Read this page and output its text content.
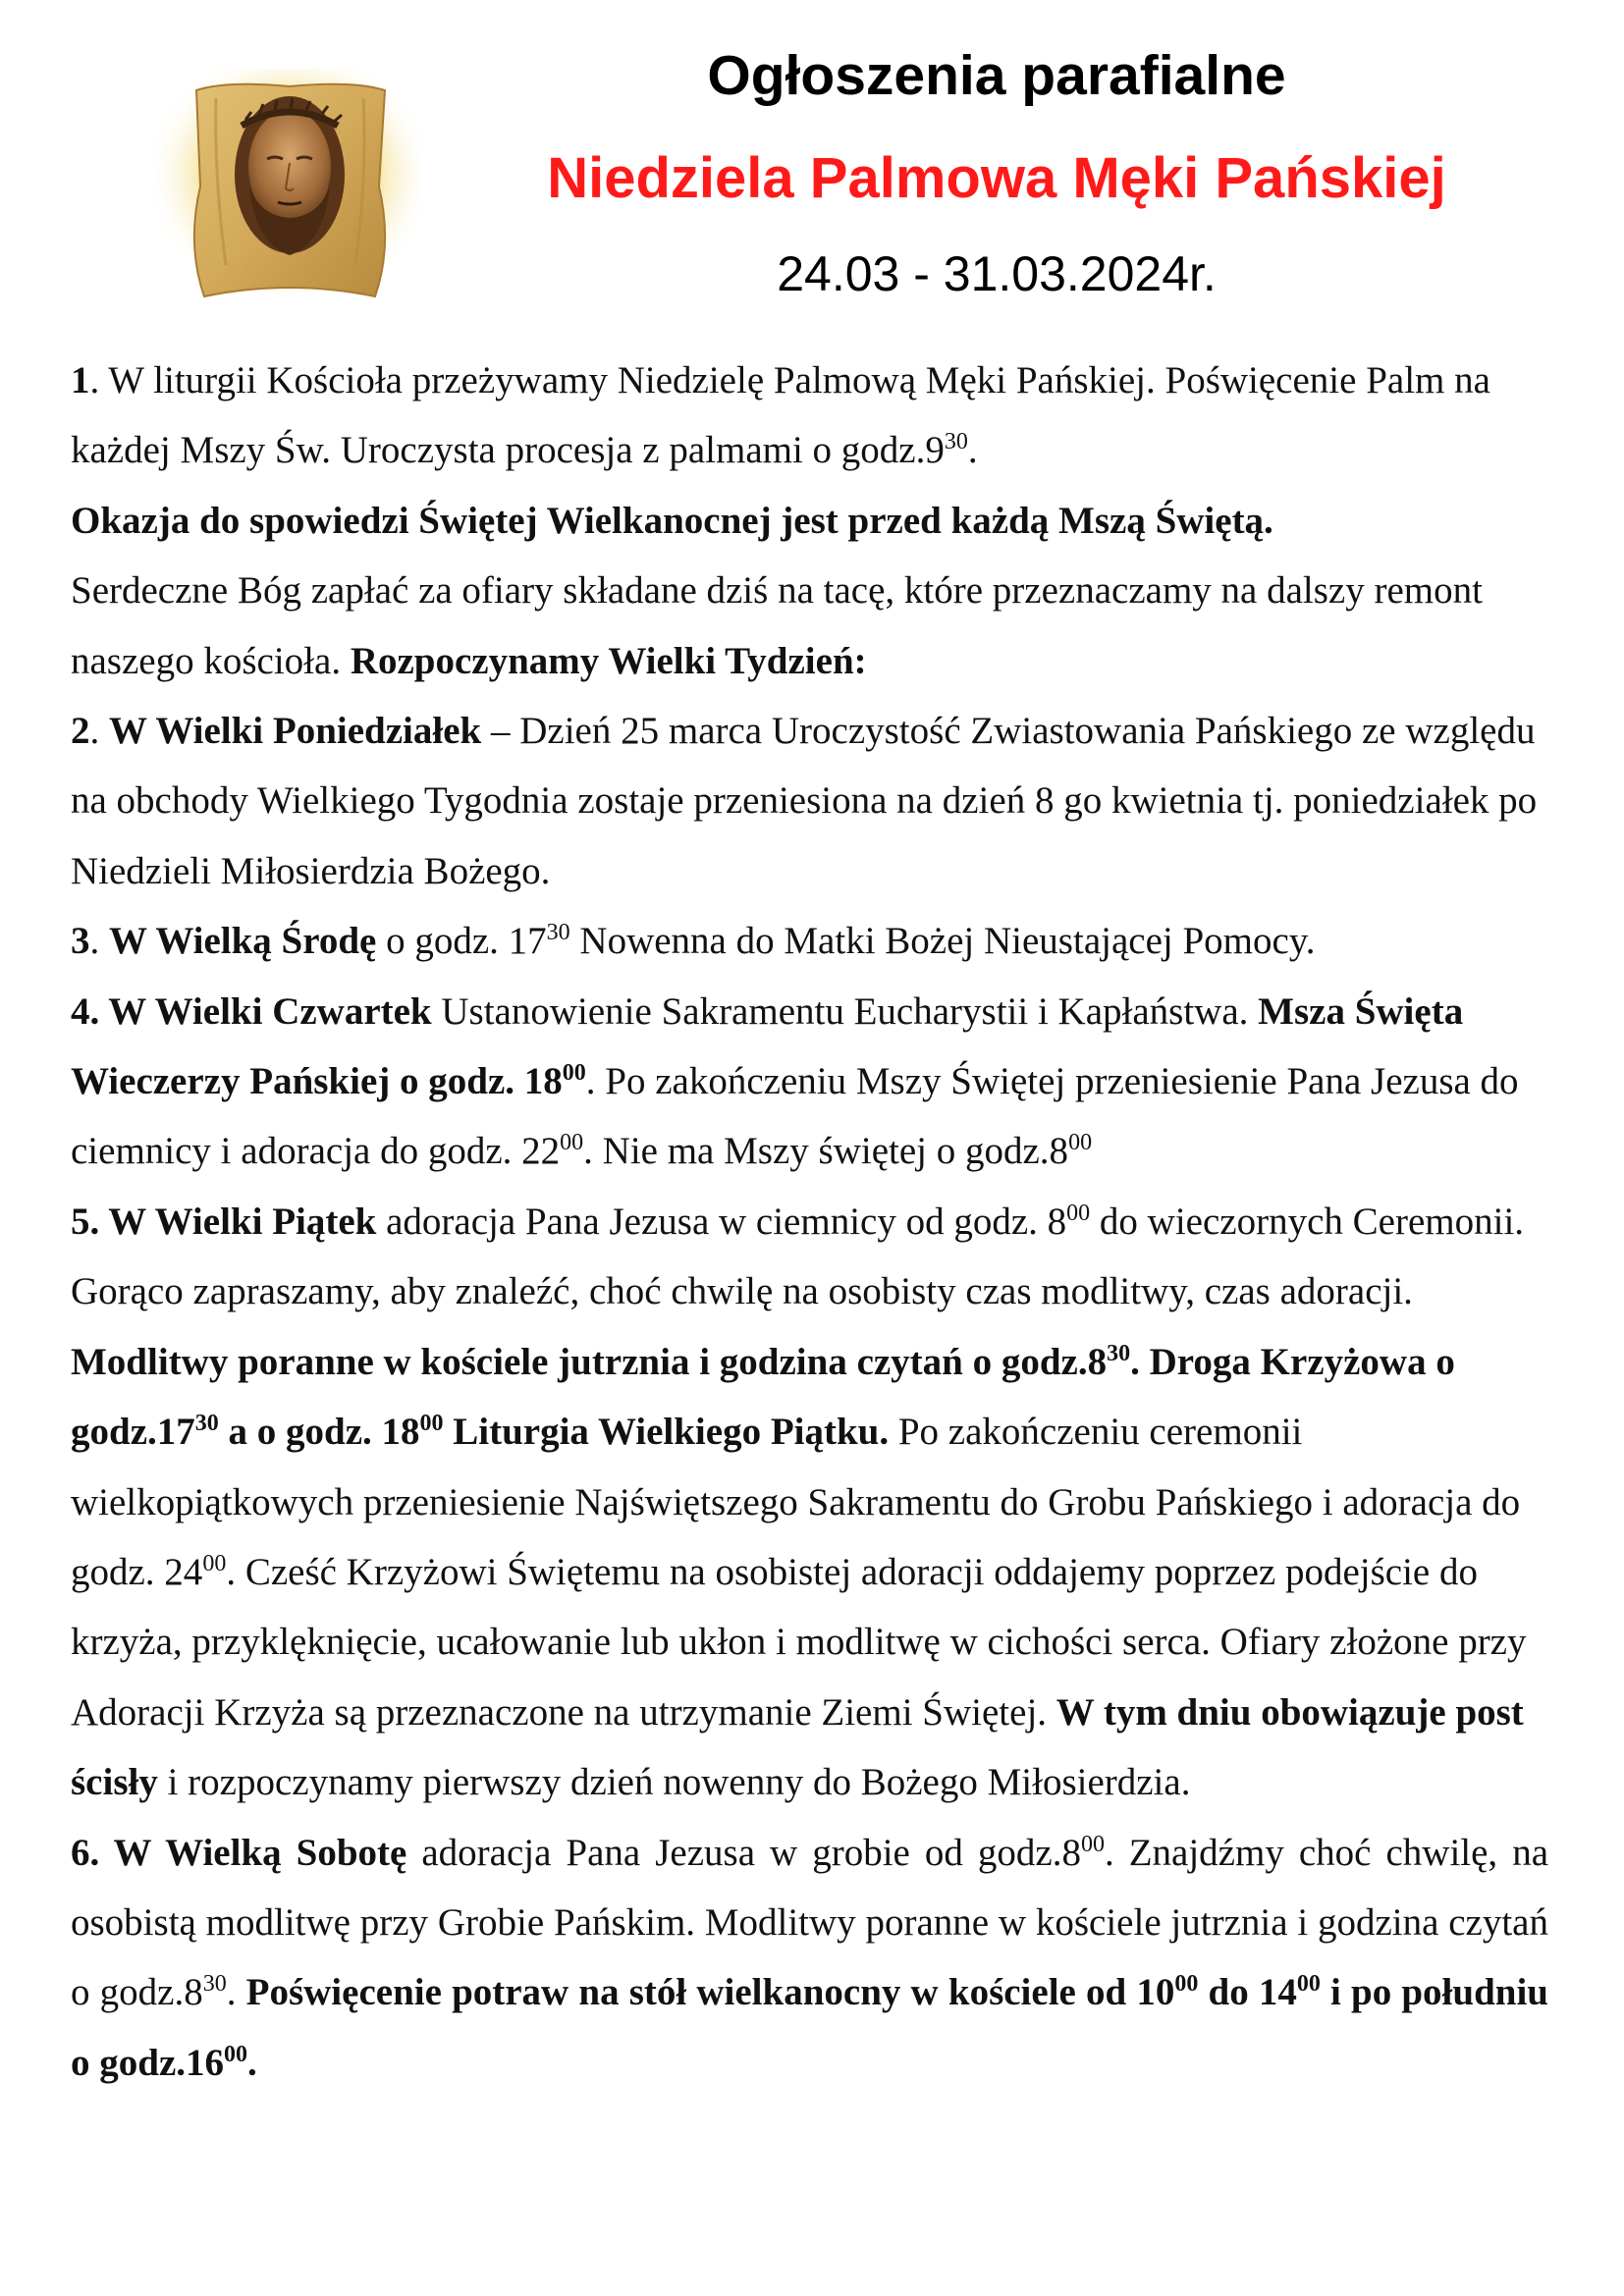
Ogłoszenia parafialne
Niedziela Palmowa Męki Pańskiej
24.03 - 31.03.2024r.

1. W liturgii Kościoła przeżywamy Niedzielę Palmową Męki Pańskiej. Poświęcenie Palm na każdej Mszy Św. Uroczysta procesja z palmami o $godz.9^{30}$.

Okazja do spowiedzi Świętej Wielkanocnej jest przed każdą Mszą Świętą.

Serdeczne Bóg zapłać za ofiary składane dziś na tacę, które przeznaczamy na dalszy remont naszego kościoła. Rozpoczynamy Wielki Tydzień:

2. W Wielki Poniedziałek – Dzień 25 marca Uroczystość Zwiastowania Pańskiego ze względu na obchody Wielkiego Tygodnia zostaje przeniesiona na dzień 8 go kwietnia tj. poniedziałek po Niedzieli Miłosierdzia Bożego.

3. W Wielką Środę o godz. $17^{30}$ Nowenna do Matki Bożej Nieustającej Pomocy.

4. W Wielki Czwartek Ustanowienie Sakramentu Eucharystii i Kapłaństwa. Msza Święta Wieczerzy Pańskiej o godz. $18^{00}$. Po zakończeniu Mszy Świętej przeniesienie Pana Jezusa do ciemnicy i adoracja do godz. $22^{00}$. Nie ma Mszy świętej o $godz.8^{00}$

5. W Wielki Piątek adoracja Pana Jezusa w ciemnicy od godz. $8^{00}$ do wieczornych Ceremonii. Gorąco zapraszamy, aby znaleźć, choć chwilę na osobisty czas modlitwy, czas adoracji. Modlitwy poranne w kościele jutrznia i godzina czytań o $godz.8^{30}$. Droga Krzyżowa o $godz.17^{30}$ a o godz. $18^{00}$ Liturgia Wielkiego Piątku. Po zakończeniu ceremonii wielkopiątkowych przeniesienie Najświętszego Sakramentu do Grobu Pańskiego i adoracja do godz. $24^{00}$. Cześć Krzyżowi Świętemu na osobistej adoracji oddajemy poprzez podejście do krzyża, przyklęknięcie, ucałowanie lub ukłon i modlitwę w cichości serca. Ofiary złożone przy Adoracji Krzyża są przeznaczone na utrzymanie Ziemi Świętej. W tym dniu obowiązuje post ścisły i rozpoczynamy pierwszy dzień nowenny do Bożego Miłosierdzia.

6. W Wielką Sobotę adoracja Pana Jezusa w grobie od $godz.8^{00}$. Znajdźmy choć chwilę, na osobistą modlitwę przy Grobie Pańskim. Modlitwy poranne w kościele jutrznia i godzina czytań o $godz.8^{30}$. Poświęcenie potraw na stół wielkanocny w kościele od $10^{00}$ do $14^{00}$ i po południu o $godz.16^{00}$.
